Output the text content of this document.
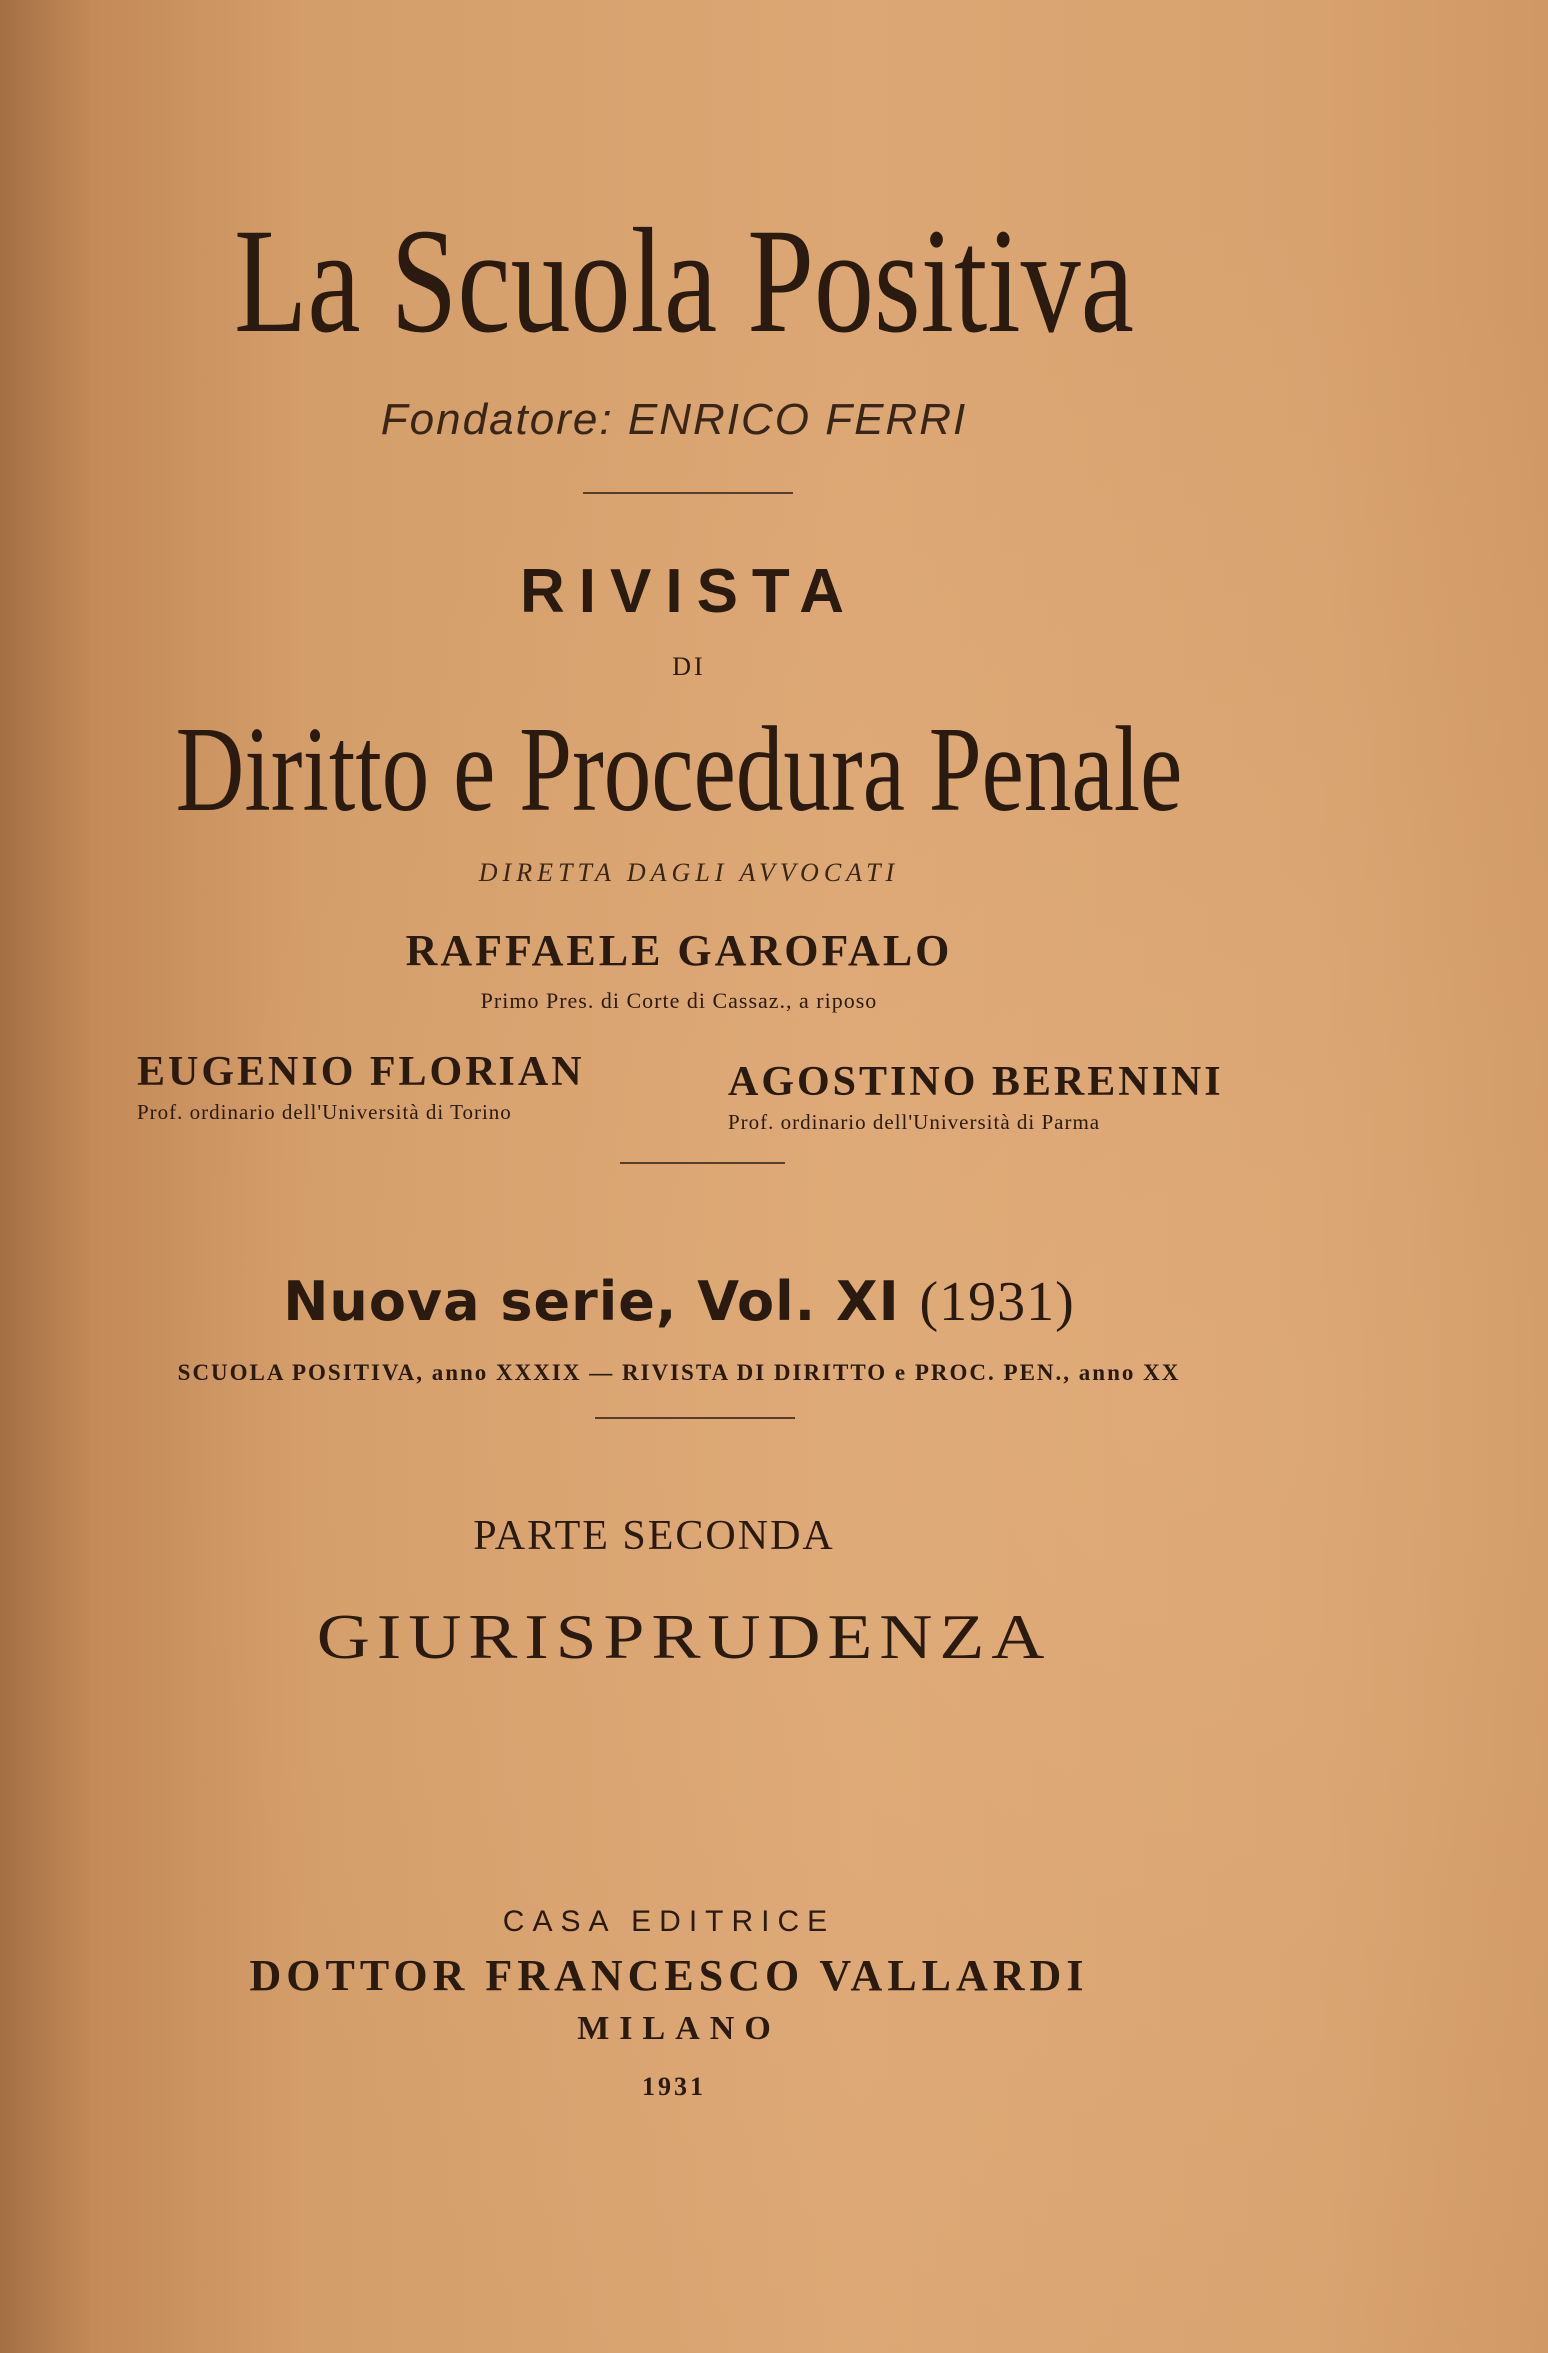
La Scuola Positiva
Fondatore: ENRICO FERRI
RIVISTA
DI
Diritto e Procedura Penale
DIRETTA DAGLI AVVOCATI
RAFFAELE GAROFALO
Primo Pres. di Corte di Cassaz., a riposo
EUGENIO FLORIAN
Prof. ordinario dell'Università di Torino
AGOSTINO BERENINI
Prof. ordinario dell'Università di Parma
Nuova serie, Vol. XI (1931)
SCUOLA POSITIVA, anno XXXIX — RIVISTA DI DIRITTO e PROC. PEN., anno XX
PARTE SECONDA
GIURISPRUDENZA
CASA EDITRICE
DOTTOR FRANCESCO VALLARDI
MILANO
1931
